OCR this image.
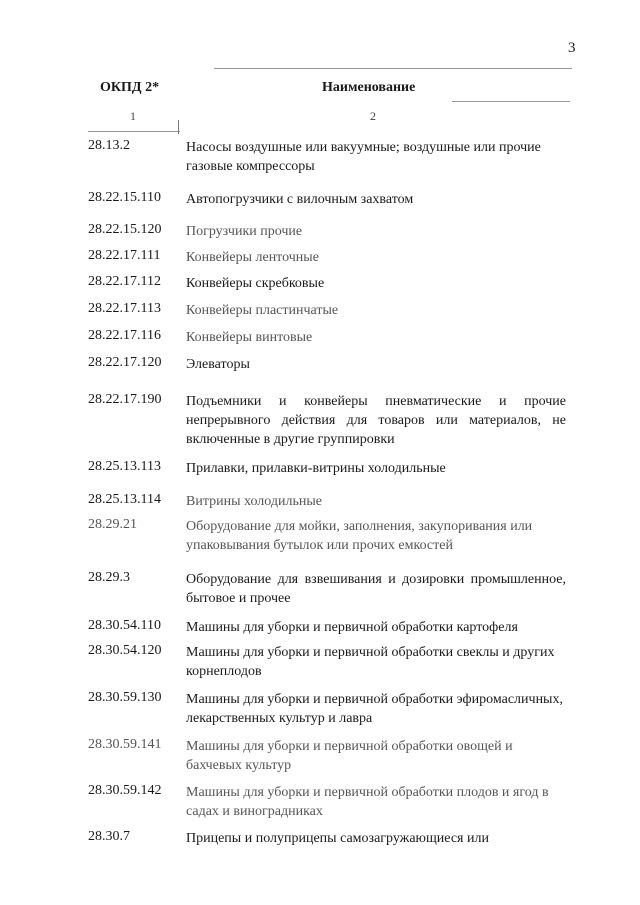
3
ОКПД 2*	Наименование
1	2
28.13.2	Насосы воздушные или вакуумные; воздушные или прочие газовые компрессоры
28.22.15.110 Автопогрузчики с вилочным захватом
28.22.15.120 Погрузчики прочие
28.22.17.111 Конвейеры ленточные
28.22.17.112 Конвейеры скребковые
28.22.17.113 Конвейеры пластинчатые
28.22.17.116 Конвейеры винтовые
28.22.17.120 Элеваторы
28.22.17.190 Подъемники и конвейеры пневматические и прочие непрерывного действия для товаров или материалов, не включенные в другие группировки
28.25.13.113 Прилавки, прилавки-витрины холодильные
28.25.13.114 Витрины холодильные
28.29.21	Оборудование для мойки, заполнения, закупоривания или упаковывания бутылок или прочих емкостей
28.29.3	Оборудование для взвешивания и дозировки промышленное, бытовое и прочее
28.30.54.110 Машины для уборки и первичной обработки картофеля
28.30.54.120 Машины для уборки и первичной обработки свеклы и других корнеплодов
28.30.59.130 Машины для уборки и первичной обработки эфиромасличных, лекарственных культур и лавра
28.30.59.141 Машины для уборки и первичной обработки овощей и бахчевых культур
28.30.59.142 Машины для уборки и первичной обработки плодов и ягод в садах и виноградниках
28.30.7	Прицепы и полуприцепы самозагружающиеся или
